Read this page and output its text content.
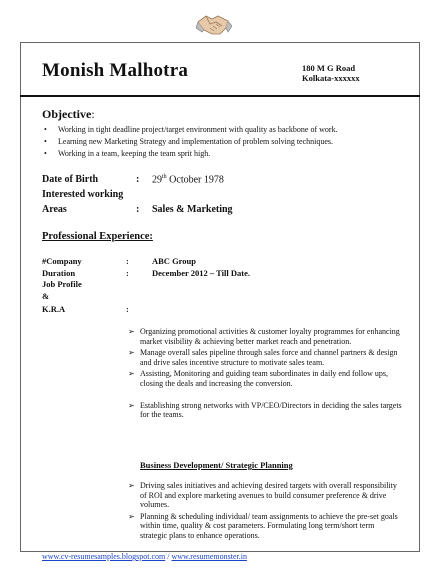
Monish Malhotra	180 M G Road
Kolkata-xxxxxx
Objective:
• Working in tight deadline project/target environment with quality as backbone of work.
• Learning new Marketing Strategy and implementation of problem solving techniques.
• Working in a team, keeping the team sprit high.
Date of Birth	: 29th October 1978
Interested working
Areas	: Sales & Marketing
Professional Experience:
#Company	:	ABC Group
Duration	:	December 2012 – Till Date.
Job Profile
&
K.R.A	:
➢ Organizing promotional activities & customer loyalty programmes for enhancing market visibility & achieving better market reach and penetration.
➢ Manage overall sales pipeline through sales force and channel partners & design and drive sales incentive structure to motivate sales team.
➢ Assisting, Monitoring and guiding team subordinates in daily end follow ups, closing the deals and increasing the conversion.
➢ Establishing strong networks with VP/CEO/Directors in deciding the sales targets for the teams.
Business Development/ Strategic Planning
➢ Driving sales initiatives and achieving desired targets with overall responsibility of ROI and explore marketing avenues to build consumer preference & drive volumes.
➢ Planning & scheduling individual/ team assignments to achieve the pre-set goals within time, quality & cost parameters. Formulating long term/short term strategic plans to enhance operations.
www.cv-resumesamples.blogspot.com / www.resumemonster.in
